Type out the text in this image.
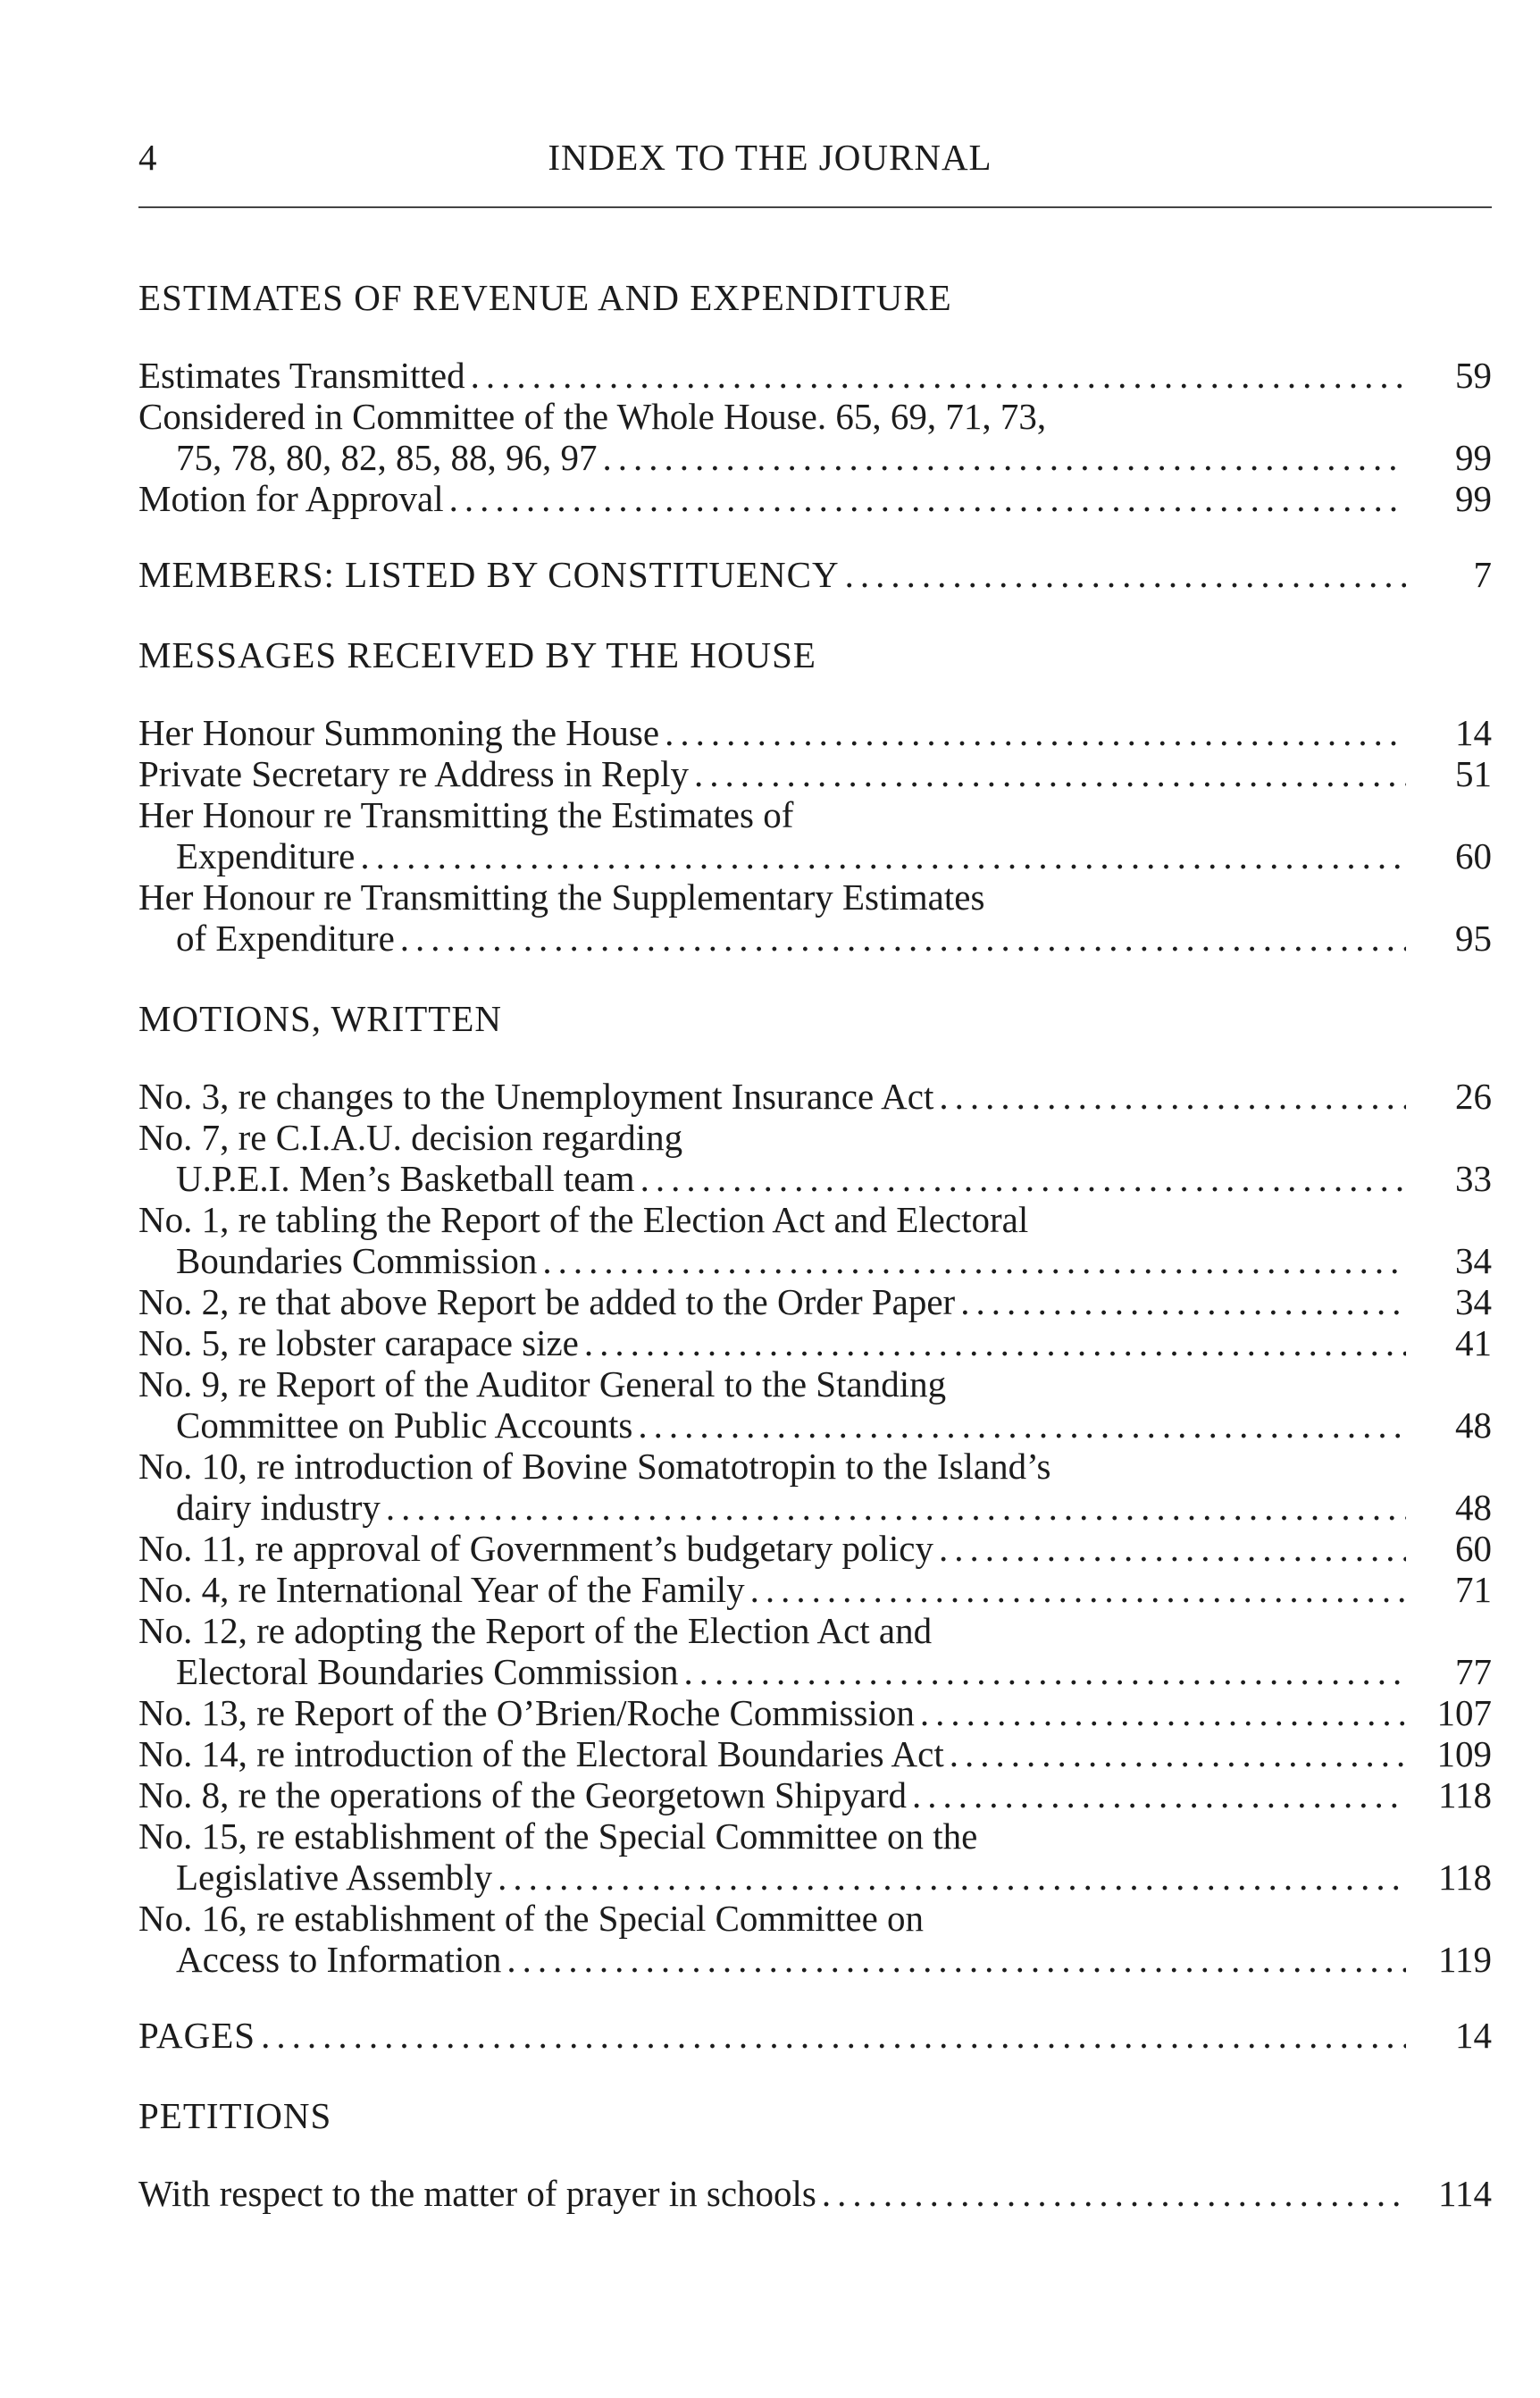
4	INDEX TO THE JOURNAL
ESTIMATES OF REVENUE AND EXPENDITURE
Estimates Transmitted .....	59
Considered in Committee of the Whole House. 65, 69, 71, 73,
75, 78, 80, 82, 85, 88, 96, 97 .....	99
Motion for Approval .....	99
MEMBERS: LISTED BY CONSTITUENCY .....	7
MESSAGES RECEIVED BY THE HOUSE
Her Honour Summoning the House .....	14
Private Secretary re Address in Reply .....	51
Her Honour re Transmitting the Estimates of
Expenditure .....	60
Her Honour re Transmitting the Supplementary Estimates
of Expenditure .....	95
MOTIONS, WRITTEN
No. 3, re changes to the Unemployment Insurance Act .....	26
No. 7, re C.I.A.U. decision regarding
U.P.E.I. Men’s Basketball team .....	33
No. 1, re tabling the Report of the Election Act and Electoral
Boundaries Commission .....	34
No. 2, re that above Report be added to the Order Paper .....	34
No. 5, re lobster carapace size .....	41
No. 9, re Report of the Auditor General to the Standing
Committee on Public Accounts .....	48
No. 10, re introduction of Bovine Somatotropin to the Island’s
dairy industry .....	48
No. 11, re approval of Government’s budgetary policy .....	60
No. 4, re International Year of the Family .....	71
No. 12, re adopting the Report of the Election Act and
Electoral Boundaries Commission .....	77
No. 13, re Report of the O’Brien/Roche Commission .....	107
No. 14, re introduction of the Electoral Boundaries Act .....	109
No. 8, re the operations of the Georgetown Shipyard .....	118
No. 15, re establishment of the Special Committee on the
Legislative Assembly .....	118
No. 16, re establishment of the Special Committee on
Access to Information .....	119
PAGES .....	14
PETITIONS
With respect to the matter of prayer in schools .....	114
